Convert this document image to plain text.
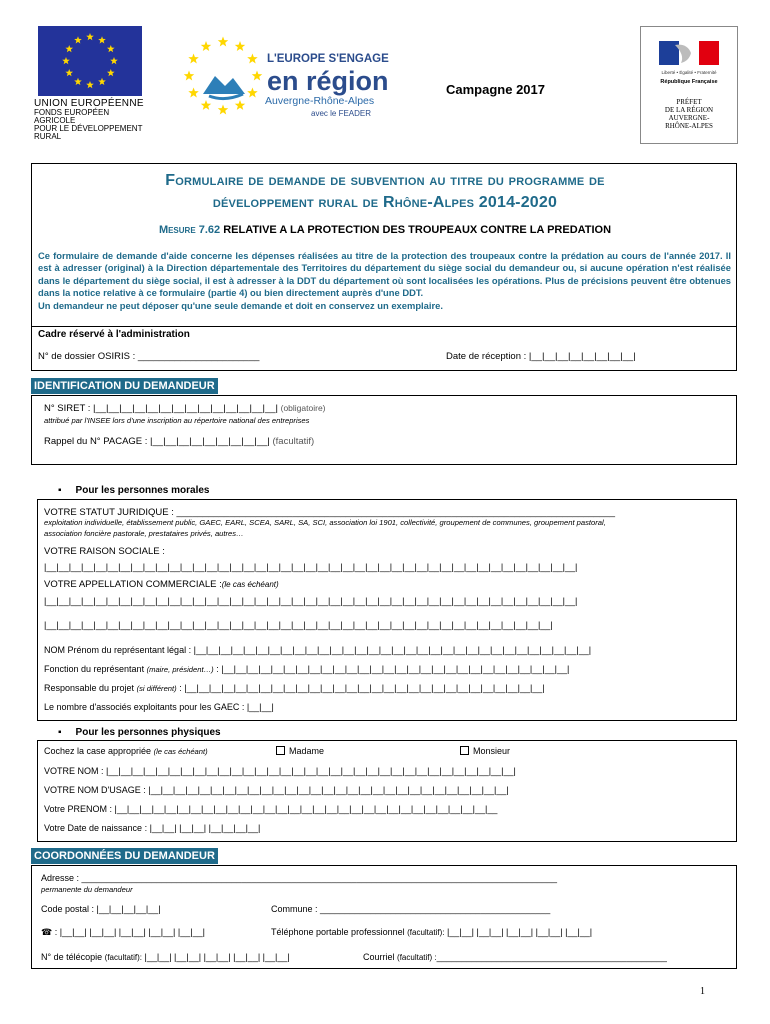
UNION EUROPÉENNE
FONDS EUROPÉEN AGRICOLE
POUR LE DÉVELOPPEMENT RURAL
L'EUROPE S'ENGAGE
en région
Auvergne-Rhône-Alpes
avec le FEADER
Campagne 2017
Liberté • Égalité • Fraternité
République Française
PRÉFET
DE LA RÉGION
AUVERGNE-
RHÔNE-ALPES
Formulaire de demande de subvention au titre du programme de
développement rural de Rhône-Alpes 2014-2020
Mesure 7.62 RELATIVE A LA PROTECTION DES TROUPEAUX CONTRE LA PREDATION
Ce formulaire de demande d'aide concerne les dépenses réalisées au titre de la protection des troupeaux contre la prédation au cours de l'année 2017. Il est à adresser (original) à la Direction départementale des Territoires du département du siège social du demandeur ou, si aucune opération n'est réalisée dans le département du siège social, il est à adresser à la DDT du département où sont localisées les opérations. Plus de précisions peuvent être obtenues dans la notice relative à ce formulaire (partie 4) ou bien directement auprès d'une DDT.
Un demandeur ne peut déposer qu'une seule demande et doit en conservez un exemplaire.
Cadre réservé à l'administration
N° de dossier OSIRIS : _______________________	Date de réception : |__|__|__|__|__|__|__|__|
IDENTIFICATION DU DEMANDEUR
N° SIRET : |__|__|__|__|__|__|__|__|__|__|__|__|__|__| (obligatoire)
attribué par l'INSEE lors d'une inscription au répertoire national des entreprises
Rappel du N° PACAGE : |__|__|__|__|__|__|__|__|__| (facultatif)
▪ Pour les personnes morales
VOTRE STATUT JURIDIQUE : ___________________________________________________________________________________
exploitation individuelle, établissement public, GAEC, EARL, SCEA, SARL, SA, SCI, association loi 1901, collectivité, groupement de communes, groupement pastoral,
association foncière pastorale, prestataires privés, autres…
VOTRE RAISON SOCIALE :
|__|__|__|__|__|__|__|__|__|__|__|__|__|__|__|__|__|__|__|__|__|__|__|__|__|__|__|__|__|__|__|__|__|__|__|__|__|__|__|__|__|__|__|
VOTRE APPELLATION COMMERCIALE :(le cas échéant)
|__|__|__|__|__|__|__|__|__|__|__|__|__|__|__|__|__|__|__|__|__|__|__|__|__|__|__|__|__|__|__|__|__|__|__|__|__|__|__|__|__|__|__|
|__|__|__|__|__|__|__|__|__|__|__|__|__|__|__|__|__|__|__|__|__|__|__|__|__|__|__|__|__|__|__|__|__|__|__|__|__|__|__|__|__|
NOM Prénom du représentant légal : |__|__|__|__|__|__|__|__|__|__|__|__|__|__|__|__|__|__|__|__|__|__|__|__|__|__|__|__|__|__|__|__|
Fonction du représentant (maire, président…) : |__|__|__|__|__|__|__|__|__|__|__|__|__|__|__|__|__|__|__|__|__|__|__|__|__|__|__|__|
Responsable du projet (si différent) : |__|__|__|__|__|__|__|__|__|__|__|__|__|__|__|__|__|__|__|__|__|__|__|__|__|__|__|__|__|
Le nombre d'associés exploitants pour les GAEC : |__|__|
▪ Pour les personnes physiques
Cochez la case appropriée (le cas échéant)	Madame	Monsieur
VOTRE NOM : |__|__|__|__|__|__|__|__|__|__|__|__|__|__|__|__|__|__|__|__|__|__|__|__|__|__|__|__|__|__|__|__|__|
VOTRE NOM D'USAGE : |__|__|__|__|__|__|__|__|__|__|__|__|__|__|__|__|__|__|__|__|__|__|__|__|__|__|__|__|__|
Votre PRENOM : |__|__|__|__|__|__|__|__|__|__|__|__|__|__|__|__|__|__|__|__|__|__|__|__|__|__|__|__|__|__|__
Votre Date de naissance : |__|__| |__|__| |__|__|__|__|
COORDONNÉES DU DEMANDEUR
Adresse : _______________________________________________________________________________________________
permanente du demandeur
Code postal : |__|__|__|__|__|	Commune : ______________________________________________
☎ : |__|__| |__|__| |__|__| |__|__| |__|__|	Téléphone portable professionnel (facultatif): |__|__| |__|__| |__|__| |__|__| |__|__|
N° de télécopie (facultatif): |__|__| |__|__| |__|__| |__|__| |__|__|	Courriel (facultatif) :______________________________________________
1
